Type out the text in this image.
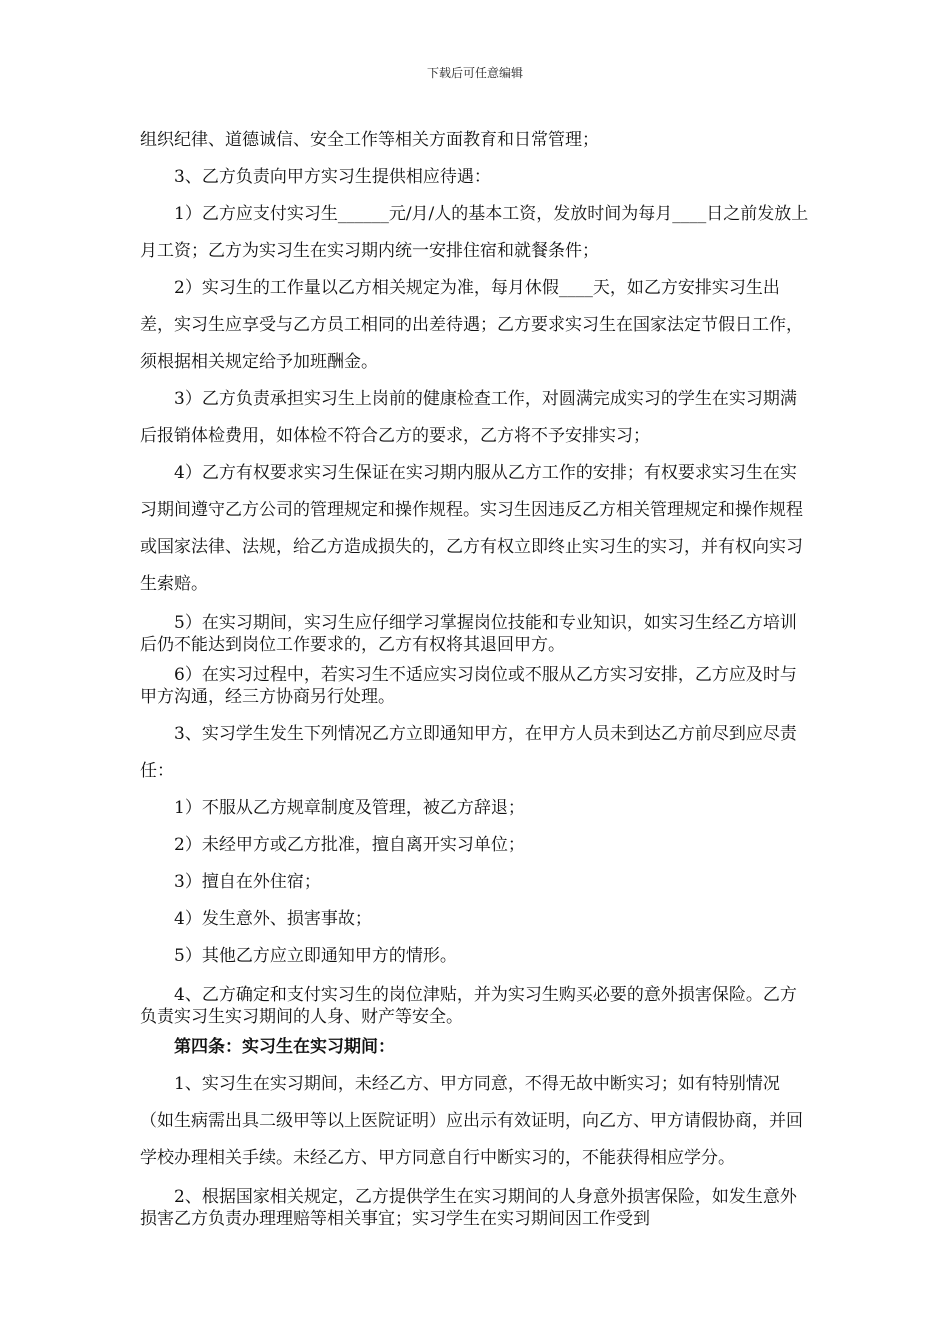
下载后可任意编辑

组织纪律、道德诚信、安全工作等相关方面教育和日常管理；

3、乙方负责向甲方实习生提供相应待遇：

1）乙方应支付实习生______元/月/人的基本工资，发放时间为每月____日之前发放上月工资；乙方为实习生在实习期内统一安排住宿和就餐条件；

2）实习生的工作量以乙方相关规定为准，每月休假____天，如乙方安排实习生出差，实习生应享受与乙方员工相同的出差待遇；乙方要求实习生在国家法定节假日工作，须根据相关规定给予加班酬金。

3）乙方负责承担实习生上岗前的健康检查工作，对圆满完成实习的学生在实习期满后报销体检费用，如体检不符合乙方的要求，乙方将不予安排实习；

4）乙方有权要求实习生保证在实习期内服从乙方工作的安排；有权要求实习生在实习期间遵守乙方公司的管理规定和操作规程。实习生因违反乙方相关管理规定和操作规程或国家法律、法规，给乙方造成损失的，乙方有权立即终止实习生的实习，并有权向实习生索赔。

5）在实习期间，实习生应仔细学习掌握岗位技能和专业知识，如实习生经乙方培训后仍不能达到岗位工作要求的，乙方有权将其退回甲方。

6）在实习过程中，若实习生不适应实习岗位或不服从乙方实习安排，乙方应及时与甲方沟通，经三方协商另行处理。

3、实习学生发生下列情况乙方立即通知甲方，在甲方人员未到达乙方前尽到应尽责任：

1）不服从乙方规章制度及管理，被乙方辞退；

2）未经甲方或乙方批准，擅自离开实习单位；

3）擅自在外住宿；

4）发生意外、损害事故；

5）其他乙方应立即通知甲方的情形。

4、乙方确定和支付实习生的岗位津贴，并为实习生购买必要的意外损害保险。乙方负责实习生实习期间的人身、财产等安全。

第四条：实习生在实习期间：

1、实习生在实习期间，未经乙方、甲方同意，不得无故中断实习；如有特别情况（如生病需出具二级甲等以上医院证明）应出示有效证明，向乙方、甲方请假协商，并回学校办理相关手续。未经乙方、甲方同意自行中断实习的，不能获得相应学分。

2、根据国家相关规定，乙方提供学生在实习期间的人身意外损害保险，如发生意外损害乙方负责办理理赔等相关事宜；实习学生在实习期间因工作受到
